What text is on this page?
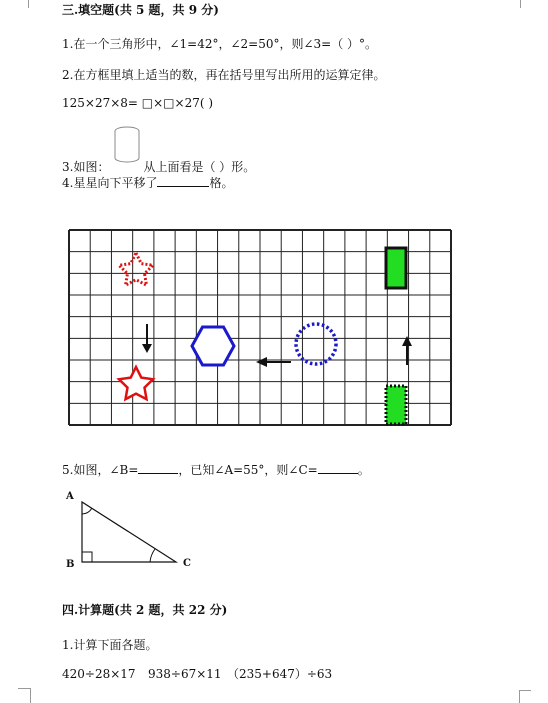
三.填空题(共 5 题，共 9 分)
1.在一个三角形中，∠1=42°，∠2=50°，则∠3=（ ）°。
2.在方框里填上适当的数，再在括号里写出所用的运算定律。
125×27×8= □×□×27( )
3.如图：	从上面看是（ ）形。
4.星星向下平移了	格。
5.如图，∠B=	，已知∠A=55°，则∠C=	。
A
B	C
四.计算题(共 2 题，共 22 分)
1.计算下面各题。
420÷28×17 938÷67×11 （235+647）÷63
